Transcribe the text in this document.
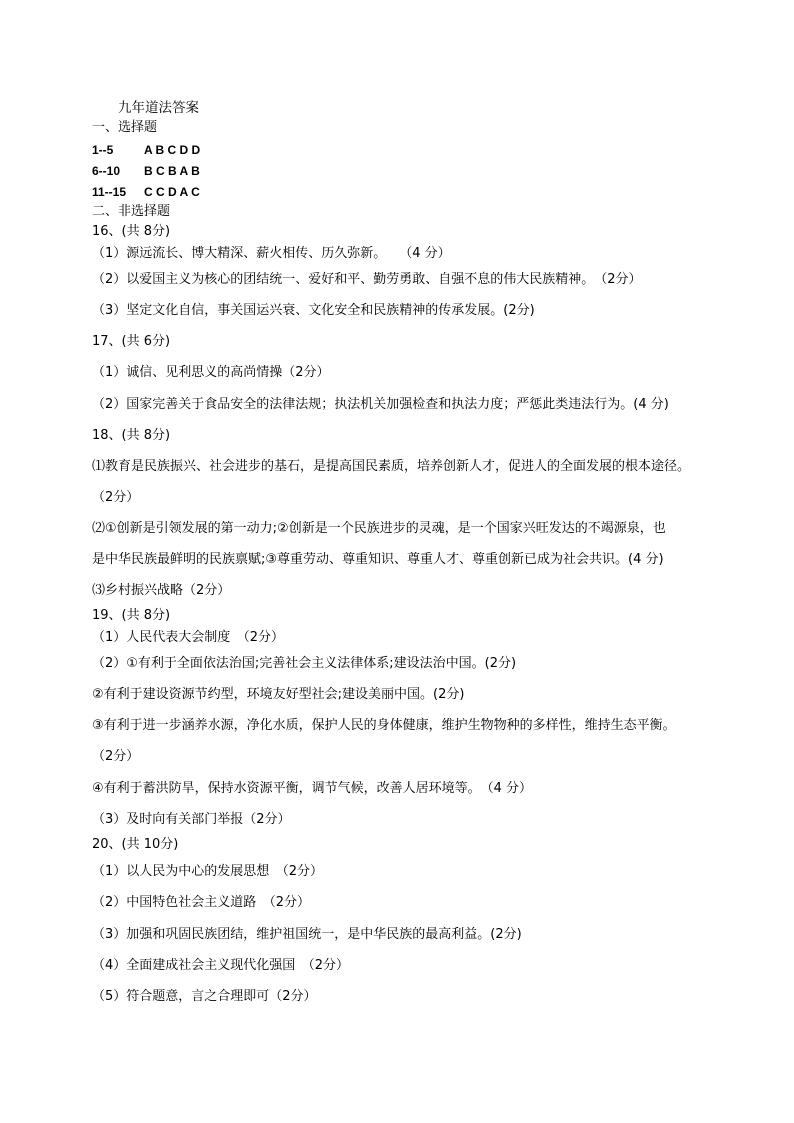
九年道法答案

一、选择题

1--5	A B C D D

6--10 B C B A B

11--15 C C D A C

二、非选择题

16、(共 8分)

（1）源远流长、博大精深、薪火相传、历久弥新。　　（4 分）

（2）以爱国主义为核心的团结统一、爱好和平、勤劳勇敢、自强不息的伟大民族精神。　（2分）

（3）坚定文化自信，事关国运兴衰、文化安全和民族精神的传承发展。(2分)

17、(共 6分)

（1）诚信、见利思义的高尚情操（2分）

（2）国家完善关于食品安全的法律法规；执法机关加强检查和执法力度；严惩此类违法行为。(4 分)

18、(共 8分)

⑴教育是民族振兴、社会进步的基石，是提高国民素质，培养创新人才，促进人的全面发展的根本途径。

（2分）

⑵①创新是引领发展的第一动力;②创新是一个民族进步的灵魂，是一个国家兴旺发达的不竭源泉，也

是中华民族最鲜明的民族禀赋;③尊重劳动、尊重知识、尊重人才、尊重创新已成为社会共识。(4 分)

⑶乡村振兴战略（2分）

19、(共 8分)

（1）人民代表大会制度　（2分）

（2）①有利于全面依法治国;完善社会主义法律体系;建设法治中国。(2分)

②有利于建设资源节约型，环境友好型社会;建设美丽中国。(2分)

③有利于进一步涵养水源，净化水质，保护人民的身体健康，维护生物物种的多样性，维持生态平衡。

（2分）

④有利于蓄洪防旱，保持水资源平衡，调节气候，改善人居环境等。　（4 分）

（3）及时向有关部门举报（2分）

20、(共 10分)

（1）以人民为中心的发展思想　（2分）

（2）中国特色社会主义道路　（2分）

（3）加强和巩固民族团结，维护祖国统一，是中华民族的最高利益。(2分)

（4）全面建成社会主义现代化强国　（2分）

（5）符合题意，言之合理即可（2分）
